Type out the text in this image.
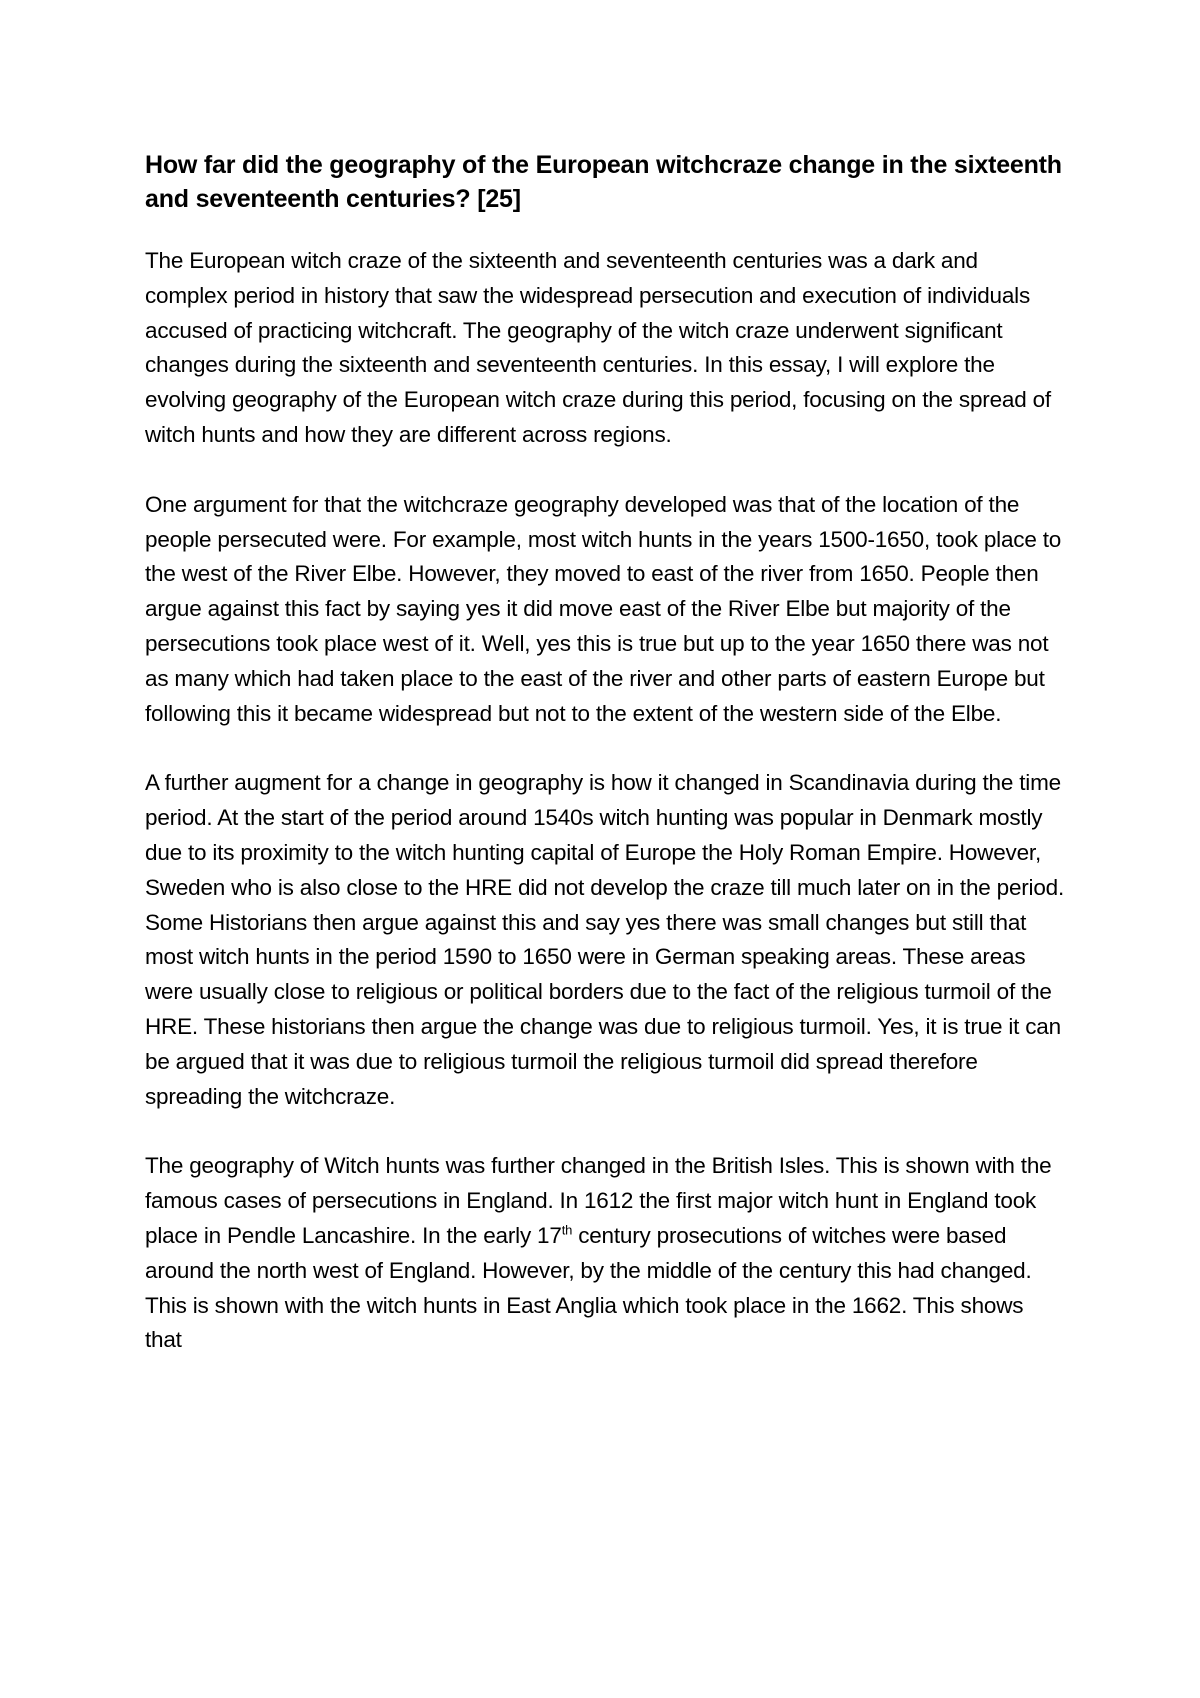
How far did the geography of the European witchcraze change in the sixteenth and seventeenth centuries? [25]

The European witch craze of the sixteenth and seventeenth centuries was a dark and complex period in history that saw the widespread persecution and execution of individuals accused of practicing witchcraft. The geography of the witch craze underwent significant changes during the sixteenth and seventeenth centuries. In this essay, I will explore the evolving geography of the European witch craze during this period, focusing on the spread of witch hunts and how they are different across regions.

One argument for that the witchcraze geography developed was that of the location of the people persecuted were. For example, most witch hunts in the years 1500-1650, took place to the west of the River Elbe. However, they moved to east of the river from 1650. People then argue against this fact by saying yes it did move east of the River Elbe but majority of the persecutions took place west of it. Well, yes this is true but up to the year 1650 there was not as many which had taken place to the east of the river and other parts of eastern Europe but following this it became widespread but not to the extent of the western side of the Elbe.

A further augment for a change in geography is how it changed in Scandinavia during the time period. At the start of the period around 1540s witch hunting was popular in Denmark mostly due to its proximity to the witch hunting capital of Europe the Holy Roman Empire. However, Sweden who is also close to the HRE did not develop the craze till much later on in the period. Some Historians then argue against this and say yes there was small changes but still that most witch hunts in the period 1590 to 1650 were in German speaking areas. These areas were usually close to religious or political borders due to the fact of the religious turmoil of the HRE. These historians then argue the change was due to religious turmoil. Yes, it is true it can be argued that it was due to religious turmoil the religious turmoil did spread therefore spreading the witchcraze.

The geography of Witch hunts was further changed in the British Isles. This is shown with the famous cases of persecutions in England. In 1612 the first major witch hunt in England took place in Pendle Lancashire. In the early 17th century prosecutions of witches were based around the north west of England. However, by the middle of the century this had changed. This is shown with the witch hunts in East Anglia which took place in the 1662. This shows that
